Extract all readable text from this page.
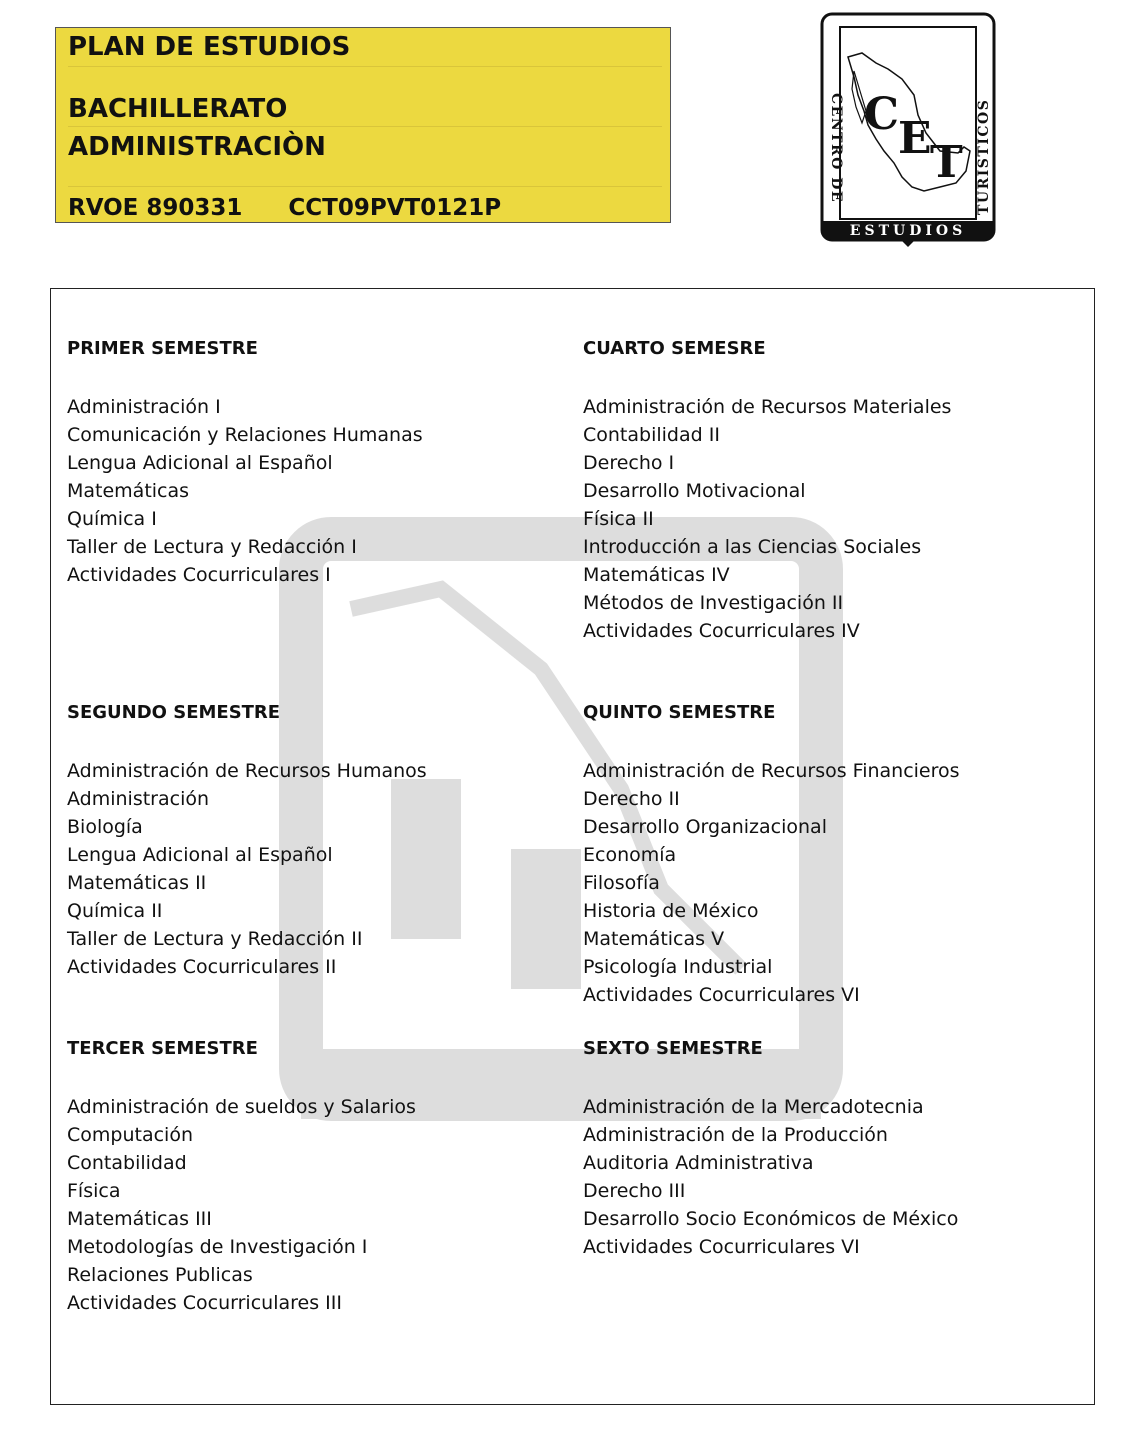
PLAN DE ESTUDIOS
BACHILLERATO
ADMINISTRACIÒN
RVOE 890331 CCT09PVT0121P
CET
CENTRO DE	TURISTICOS
ESTUDIOS
PRIMER SEMESTRE
Administración I
Comunicación y Relaciones Humanas
Lengua Adicional al Español
Matemáticas
Química I
Taller de Lectura y Redacción I
Actividades Cocurriculares I
CUARTO SEMESRE
Administración de Recursos Materiales
Contabilidad II
Derecho I
Desarrollo Motivacional
Física II
Introducción a las Ciencias Sociales
Matemáticas IV
Métodos de Investigación II
Actividades Cocurriculares IV
SEGUNDO SEMESTRE
Administración de Recursos Humanos
Administración
Biología
Lengua Adicional al Español
Matemáticas II
Química II
Taller de Lectura y Redacción II
Actividades Cocurriculares II
QUINTO SEMESTRE
Administración de Recursos Financieros
Derecho II
Desarrollo Organizacional
Economía
Filosofía
Historia de México
Matemáticas V
Psicología Industrial
Actividades Cocurriculares VI
TERCER SEMESTRE
Administración de sueldos y Salarios
Computación
Contabilidad
Física
Matemáticas III
Metodologías de Investigación I
Relaciones Publicas
Actividades Cocurriculares III
SEXTO SEMESTRE
Administración de la Mercadotecnia
Administración de la Producción
Auditoria Administrativa
Derecho III
Desarrollo Socio Económicos de México
Actividades Cocurriculares VI
